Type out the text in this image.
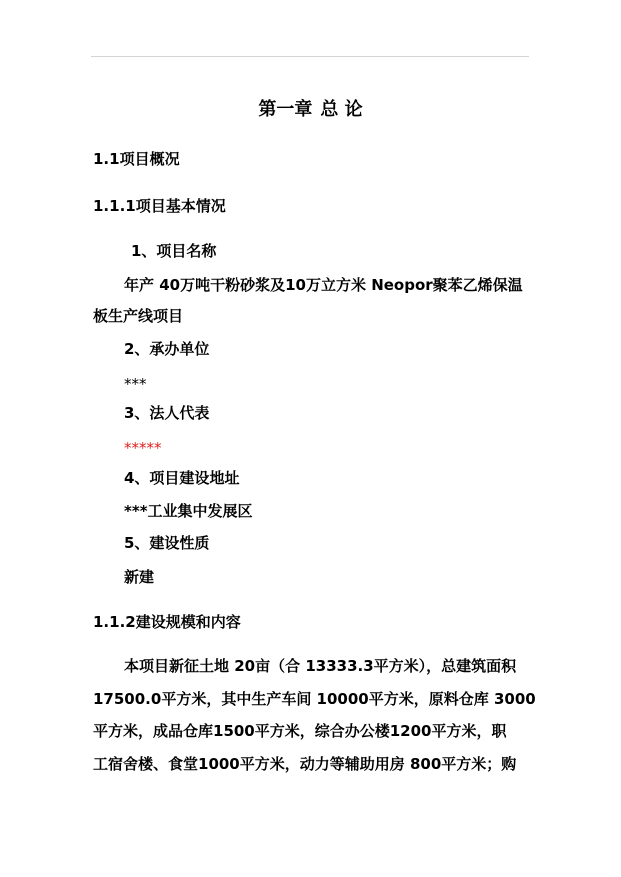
第一章 总 论
1.1项目概况
1.1.1项目基本情况
1、项目名称
年产 40万吨干粉砂浆及10万立方米 Neopor聚苯乙烯保温
板生产线项目
2、承办单位
***
3、法人代表
*****
4、项目建设地址
***工业集中发展区
5、建设性质
新建
1.1.2建设规模和内容
本项目新征土地 20亩（合 13333.3平方米），总建筑面积
17500.0平方米，其中生产车间 10000平方米，原料仓库 3000
平方米，成品仓库1500平方米，综合办公楼1200平方米，职
工宿舍楼、食堂1000平方米，动力等辅助用房 800平方米；购
